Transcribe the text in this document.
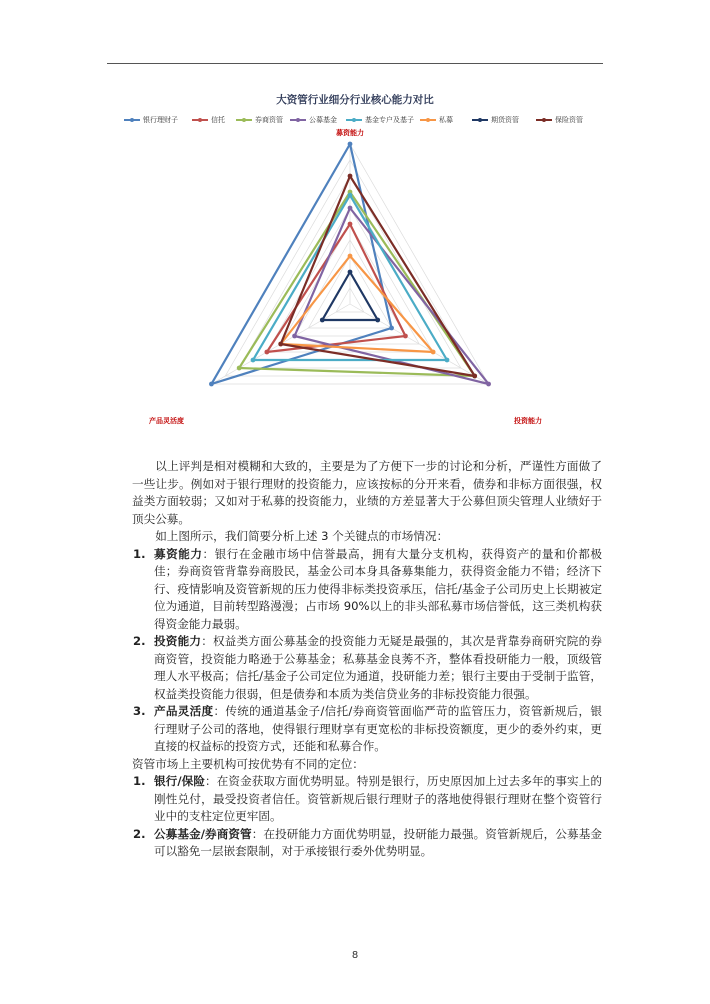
大资管行业细分行业核心能力对比
银行理财子	信托	券商资管	公募基金	基金专户及基子	私募	期货资管	保险资管
募资能力
投资能力
产品灵活度

以上评判是相对模糊和大致的，主要是为了方便下一步的讨论和分析，严谨性方面做了一些让步。例如对于银行理财的投资能力，应该按标的分开来看，债券和非标方面很强，权益类方面较弱；又如对于私募的投资能力，业绩的方差显著大于公募但顶尖管理人业绩好于顶尖公募。

如上图所示，我们简要分析上述 3 个关键点的市场情况：

1. 募资能力：银行在金融市场中信誉最高，拥有大量分支机构，获得资产的量和价都极佳；券商资管背靠券商股民，基金公司本身具备募集能力，获得资金能力不错；经济下行、疫情影响及资管新规的压力使得非标类投资承压，信托/基金子公司历史上长期被定位为通道，目前转型路漫漫；占市场 90%以上的非头部私募市场信誉低，这三类机构获得资金能力最弱。

2. 投资能力：权益类方面公募基金的投资能力无疑是最强的，其次是背靠券商研究院的券商资管，投资能力略逊于公募基金；私募基金良莠不齐，整体看投研能力一般，顶级管理人水平极高；信托/基金子公司定位为通道，投研能力差；银行主要由于受制于监管，权益类投资能力很弱，但是债券和本质为类信贷业务的非标投资能力很强。

3. 产品灵活度：传统的通道基金子/信托/券商资管面临严苛的监管压力，资管新规后，银行理财子公司的落地，使得银行理财享有更宽松的非标投资额度，更少的委外约束，更直接的权益标的投资方式，还能和私募合作。

资管市场上主要机构可按优势有不同的定位：

1. 银行/保险：在资金获取方面优势明显。特别是银行，历史原因加上过去多年的事实上的刚性兑付，最受投资者信任。资管新规后银行理财子的落地使得银行理财在整个资管行业中的支柱定位更牢固。

2. 公募基金/券商资管：在投研能力方面优势明显，投研能力最强。资管新规后，公募基金可以豁免一层嵌套限制，对于承接银行委外优势明显。

8
